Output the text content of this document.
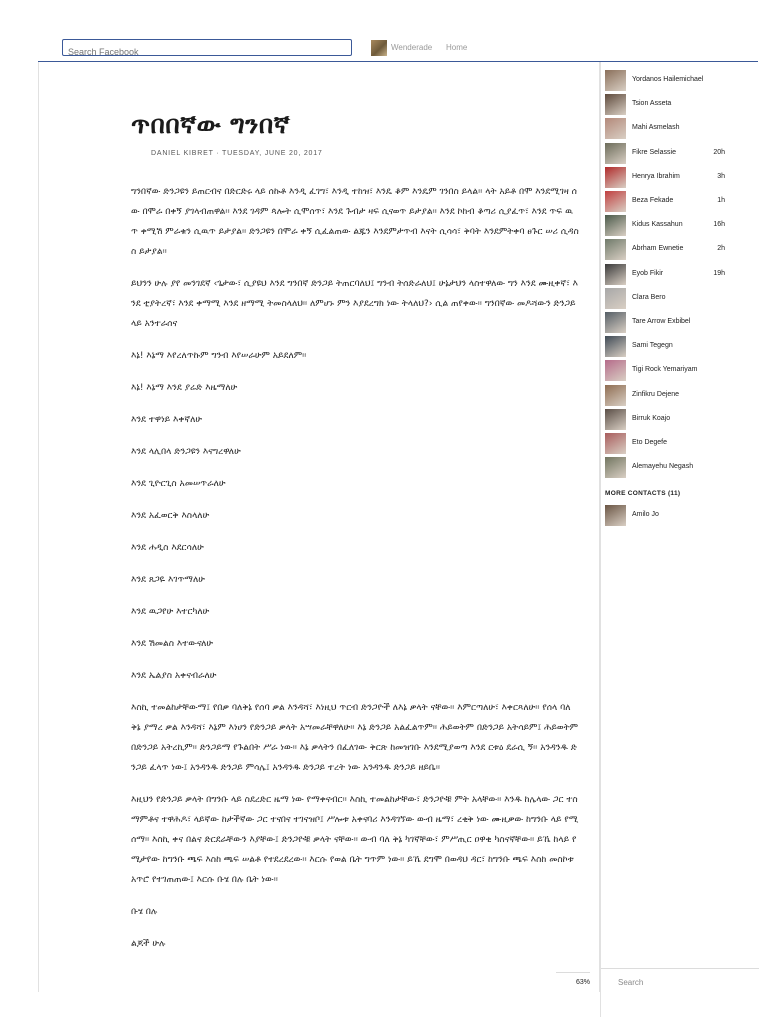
Search Facebook
Wenderade Home
ጥበበኛው ግንበኛ
DANIEL KIBRET · TUESDAY, JUNE 20, 2017

ግንበኛው ድንጋዩን ይጠርብና በድርድሩ ላይ ሰኩቶ እንዲ ፈገግ፣ እንዲ ተከዝ፣ እንዴ ቆም እንዴም ገንበስ ይላል፡፡ ላት አይቶ በሞ እንደሚገዛ ሰው በሞራ በቀኝ ያገላብጠዋል፡፡ እንደ ገዳም ጳሎት ሲሞሰጥ፣ እንደ ጉብታ ዛፍ ሲናወጥ ይታያል፡፡ እንደ ኮከብ ቆጣሪ ሲያፈጥ፣ እንደ ጥፍ ዉጥ ቀሚሽ ምራቁን ሲዉጥ ይታያል፡፡ ድንጋዩን በሞራ ቀኝ ሲፈልጠው ልጁን እንደምታጥብ እናት ሲሳሳ፣ ቅባት እንደምትቀባ ፀጉር ሠሪ ሲዳስስ ይታያል፡፡

ይህንን ሁሉ ያየ መንገደኛ ‹ጌታው፣ ሲያዩህ እንደ ግንበኛ ድንጋይ ትጠርባለህ፤ ግንብ ትሰድራለህ፤ ሁኔታህን ላስተዋለው ግን እንደ ሙዚቀኛ፣ እንደ ቲያትረኛ፣ እንደ ቀማሚ እንደ ዘማሚ ትመስላለህ፡፡ ለምሆኑ ምን እያደረግክ ነው ትላለህ?› ሲል ጠየቀው፡፡ ግንበኛው መዶሻውን ድንጋይ ላይ አንተራሰና

እኔ! እኔማ እየረለጥኩም ግንብ እየሠራሁም አይደለም፡፡

እኔ! እኔማ እንደ ያሬድ እዜማለሁ

እንደ ተዋነይ እቀኛለሁ

እንደ ላሊበላ ድንጋዩን እናግረዋለሁ

እንደ ጊዮርጊስ አመሠጥራለሁ

እንደ አፈወርቅ እስላለሁ

እንደ ሐዲስ እደርሳለሁ

እንደ ጸጋዬ እገጥማለሁ

እንደ ዉጋየሁ እተርካለሁ

እንደ ሽመልስ እተውናለሁ

እንደ ኤልያስ አቀናብራለሁ

እስኪ ተመልከታቸውማ፤ የበቃ ባለቅኔ የሰባ ቃል እንዳሻ፣ እነዚህ ጥርብ ድንጋዮች ለእኔ ቃላት ናቸው፡፡ እምርጣለሁ፣ እቀርጻለሁ፡፡ የሰላ ባለ ቅኔ ያማረ ቃል እንዳሻ፣ እኔም እነሀን የድንጋይ ቃላት አሣመራቸዋለሁ፡፡ እኔ ድንጋይ አልፈልጥም፡፡ ሕይወትም በድንጋይ አትሳይም፤ ሕይወትም በድንጋይ አትረኪም፡፡ ድንጋይማ የጉልበት ሥራ ነው፡፡ እኔ ቃላትን በፈለገው ቅርጽ ከመዝገቡ እንደሚያወጣ እንደ ርቱዕ ደራሲ ኝ፡፡ አንዳንዱ ድንጋይ ፈላጥ ነው፤ አንዳንዱ ድንጋይ ምሳሌ፤ አንዳንዱ ድንጋይ ተረት ነው አንዳንዱ ድንጋይ ዘይቤ፡፡

እዚህን የድንጋይ ቃላት በግንቡ ላይ ስደረድር ዜማ ነው የማቀናብር፡፡ እስኪ ተመልከታቸው፣ ድንጋዮቹ ምት አላቸው፡፡ እንዱ ከሌላው ጋር ተስማምቶና ተዋሕዶ፣ ላይኛው ከታችኛው ጋር ተናበና ተገናዝቦ፤ ሥሎቱ አቀናባሪ እንዳገኘው ውብ ዜማ፣ ረቂቅ ነው ሙዚቃው ከግንቡ ላይ የሚሰማ፡፡ እስኪ ቀና በልና ድርደራቸውን እያቸው፤ ድንጋዮቹ ቃላት ናቸው፡፡ ውብ ባለ ቅኔ ካገኛቸው፣ ምሥጢር ዐዋቂ ካስናኛቸው፡፡ ይኼ ከላይ የሚታየው ከግንቡ ጫፍ እስከ ጫፍ ሠልቶ የተደረደረው፡፡ እርሱ የወል ቤት ግጥም ነው፡፡ ይኼ ደግሞ በወዳህ ዳር፣ ከግንቡ ጫፍ እስከ መስኮቱ አጥሮ የተገጠጠው፤ እርሱ ቡሄ በሉ ቤት ነው፡፡

ቡሄ በሉ

ልጆች ሁሉ

63%
Yordanos Hailemichael
Tsion Asseta
Mahi Asmelash
Fikre Selassie	20h
Henrya Ibrahim	3h
Beza Fekade	1h
Kidus Kassahun	16h
Abrham Ewnetie	2h
Eyob Fikir	19h
Clara Bero
Tare Arrow Exbibel
Sami Tegegn
Tigi Rock Yemariyam
Zinfikru Dejene
Birruk Koajo
Eto Degefe
Alemayehu Negash
MORE CONTACTS (11)
Amilo Jo
Search
